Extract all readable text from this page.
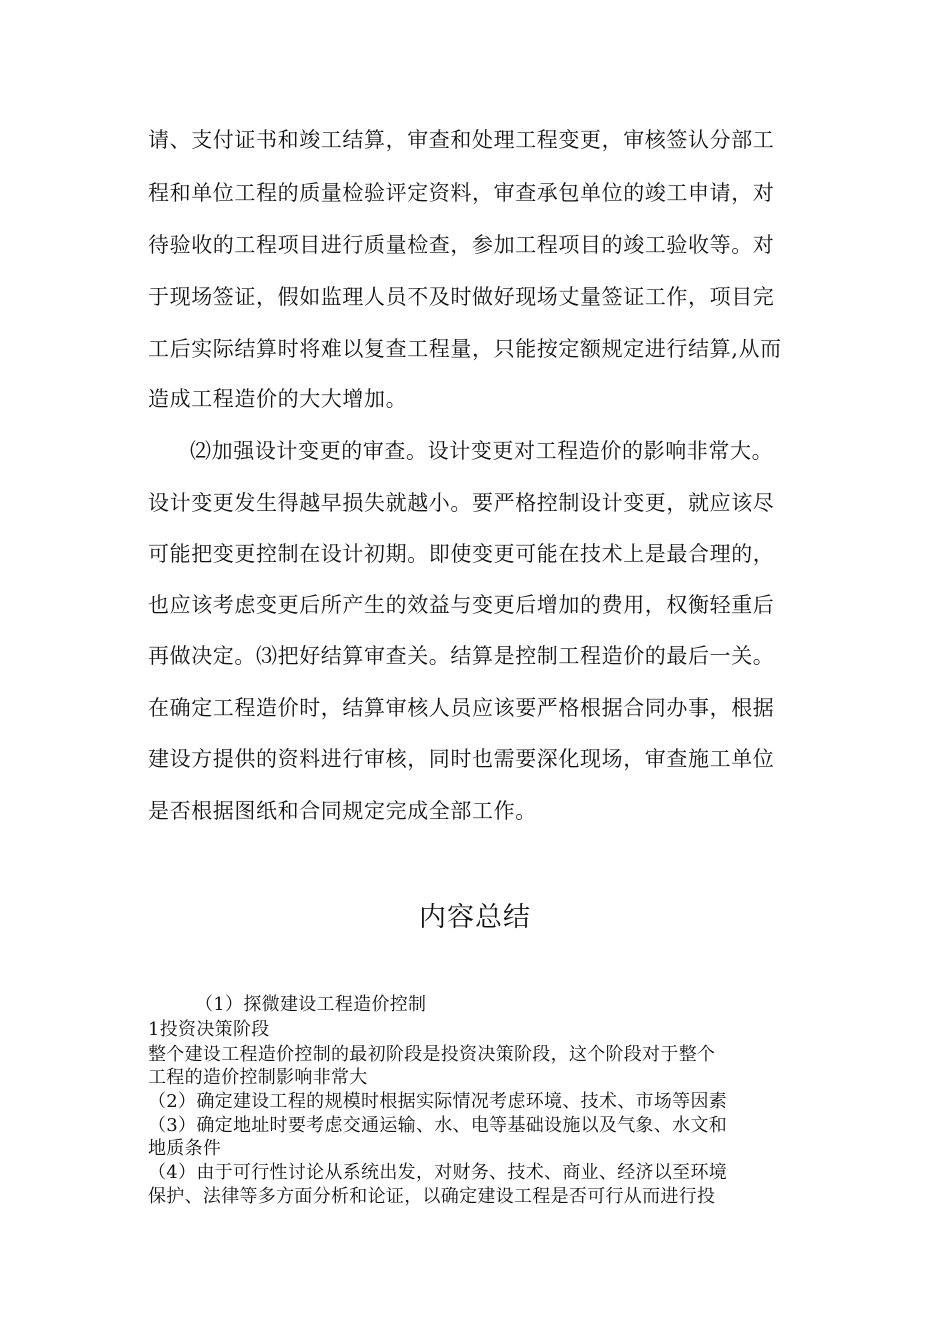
请、支付证书和竣工结算，审查和处理工程变更，审核签认分部工
程和单位工程的质量检验评定资料，审查承包单位的竣工申请，对
待验收的工程项目进行质量检查，参加工程项目的竣工验收等。对
于现场签证，假如监理人员不及时做好现场丈量签证工作，项目完
工后实际结算时将难以复查工程量，只能按定额规定进行结算,从而
造成工程造价的大大增加。
⑵加强设计变更的审查。设计变更对工程造价的影响非常大。
设计变更发生得越早损失就越小。要严格控制设计变更，就应该尽
可能把变更控制在设计初期。即使变更可能在技术上是最合理的，
也应该考虑变更后所产生的效益与变更后增加的费用，权衡轻重后
再做决定。⑶把好结算审查关。结算是控制工程造价的最后一关。
在确定工程造价时，结算审核人员应该要严格根据合同办事，根据
建设方提供的资料进行审核，同时也需要深化现场，审查施工单位
是否根据图纸和合同规定完成全部工作。
内容总结
（1）探微建设工程造价控制
1投资决策阶段
整个建设工程造价控制的最初阶段是投资决策阶段，这个阶段对于整个
工程的造价控制影响非常大
（2）确定建设工程的规模时根据实际情况考虑环境、技术、市场等因素
（3）确定地址时要考虑交通运输、水、电等基础设施以及气象、水文和
地质条件
（4）由于可行性讨论从系统出发，对财务、技术、商业、经济以至环境
保护、法律等多方面分析和论证，以确定建设工程是否可行从而进行投
